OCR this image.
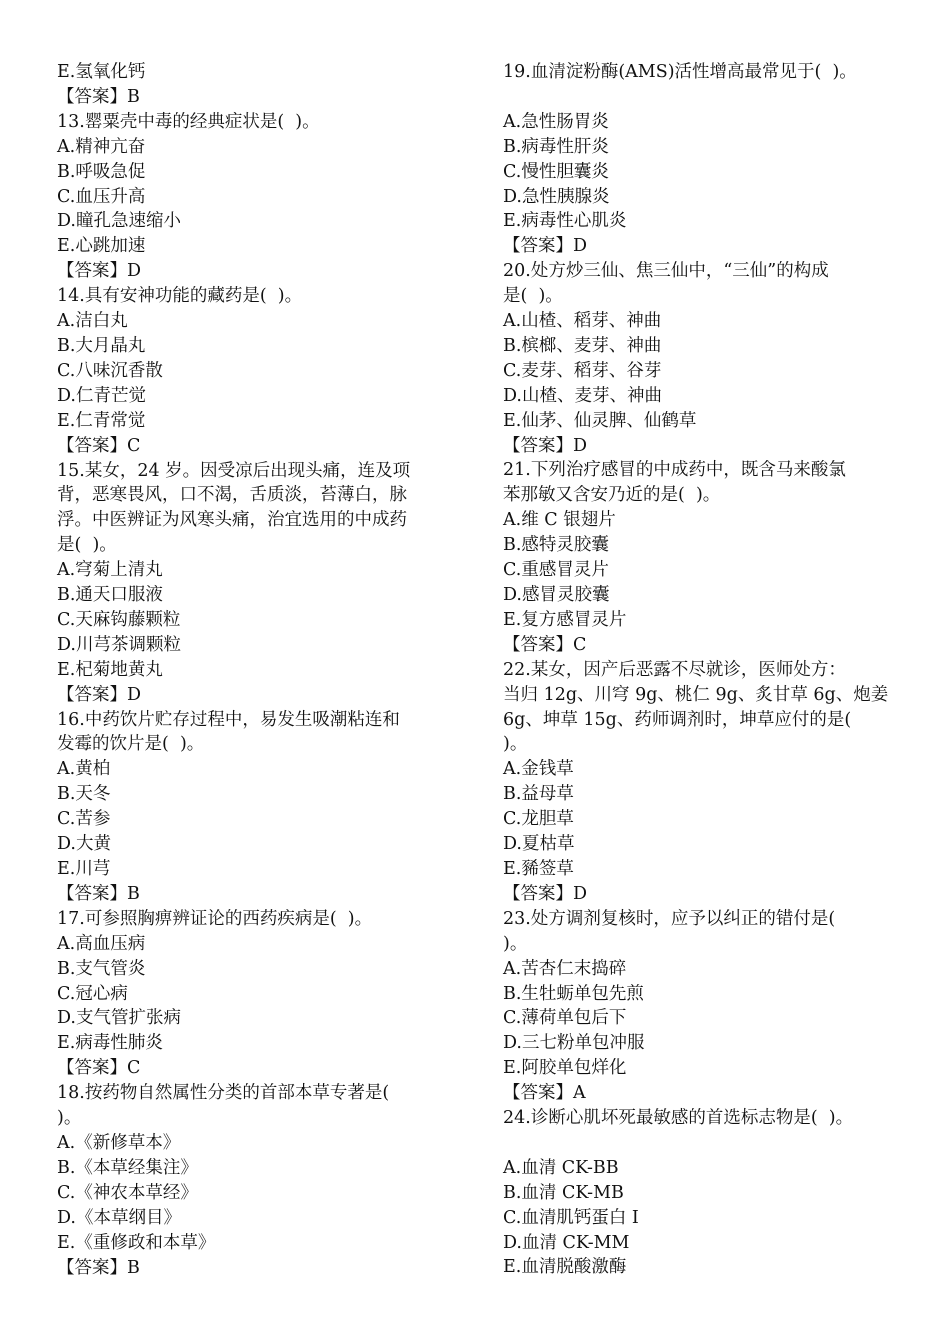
E.氢氧化钙
【答案】B
13.罂粟壳中毒的经典症状是(  )。
A.精神亢奋
B.呼吸急促
C.血压升高
D.瞳孔急速缩小
E.心跳加速
【答案】D
14.具有安神功能的藏药是(  )。
A.洁白丸
B.大月晶丸
C.八味沉香散
D.仁青芒觉
E.仁青常觉
【答案】C
15.某女，24 岁。因受凉后出现头痛，连及项
背，恶寒畏风，口不渴，舌质淡，苔薄白，脉
浮。中医辨证为风寒头痛，治宜选用的中成药
是(  )。
A.穹菊上清丸
B.通天口服液
C.天麻钩藤颗粒
D.川芎茶调颗粒
E.杞菊地黄丸
【答案】D
16.中药饮片贮存过程中，易发生吸潮粘连和
发霉的饮片是(  )。
A.黄柏
B.天冬
C.苦参
D.大黄
E.川芎
【答案】B
17.可参照胸痹辨证论的西药疾病是(  )。
A.高血压病
B.支气管炎
C.冠心病
D.支气管扩张病
E.病毒性肺炎
【答案】C
18.按药物自然属性分类的首部本草专著是(
)。
A.《新修草本》
B.《本草经集注》
C.《神农本草经》
D.《本草纲目》
E.《重修政和本草》
【答案】B
19.血清淀粉酶(AMS)活性增高最常见于(  )。
A.急性肠胃炎
B.病毒性肝炎
C.慢性胆囊炎
D.急性胰腺炎
E.病毒性心肌炎
【答案】D
20.处方炒三仙、焦三仙中，“三仙”的构成
是(  )。
A.山楂、稻芽、神曲
B.槟榔、麦芽、神曲
C.麦芽、稻芽、谷芽
D.山楂、麦芽、神曲
E.仙茅、仙灵脾、仙鹤草
【答案】D
21.下列治疗感冒的中成药中，既含马来酸氯
苯那敏又含安乃近的是(  )。
A.维 C 银翅片
B.感特灵胶囊
C.重感冒灵片
D.感冒灵胶囊
E.复方感冒灵片
【答案】C
22.某女，因产后恶露不尽就诊，医师处方：
当归 12g、川穹 9g、桃仁 9g、炙甘草 6g、炮姜
6g、坤草 15g、药师调剂时，坤草应付的是(
)。
A.金钱草
B.益母草
C.龙胆草
D.夏枯草
E.豨签草
【答案】D
23.处方调剂复核时，应予以纠正的错付是(
)。
A.苦杏仁末捣碎
B.生牡蛎单包先煎
C.薄荷单包后下
D.三七粉单包冲服
E.阿胶单包烊化
【答案】A
24.诊断心肌坏死最敏感的首选标志物是(  )。
A.血清 CK-BB
B.血清 CK-MB
C.血清肌钙蛋白 I
D.血清 CK-MM
E.血清脱酸激酶
